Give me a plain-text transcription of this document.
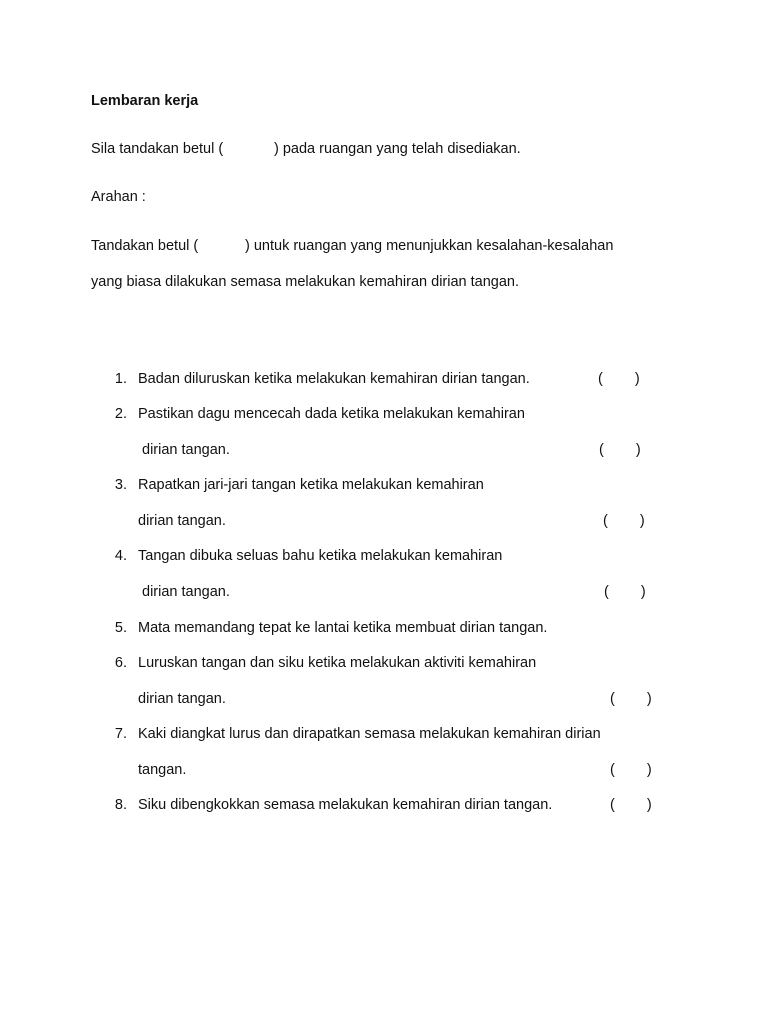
Lembaran kerja
Sila tandakan betul (	) pada ruangan yang telah disediakan.
Arahan :
Tandakan betul (	) untuk ruangan yang menunjukkan kesalahan-kesalahan
yang biasa dilakukan semasa melakukan kemahiran dirian tangan.
1. Badan diluruskan ketika melakukan kemahiran dirian tangan.	( )
2. Pastikan dagu mencecah dada ketika melakukan kemahiran
dirian tangan.	( )
3. Rapatkan jari-jari tangan ketika melakukan kemahiran
dirian tangan.	( )
4. Tangan dibuka seluas bahu ketika melakukan kemahiran
dirian tangan.	( )
5. Mata memandang tepat ke lantai ketika membuat dirian tangan.
6. Luruskan tangan dan siku ketika melakukan aktiviti kemahiran
dirian tangan.	( )
7. Kaki diangkat lurus dan dirapatkan semasa melakukan kemahiran dirian
tangan.	( )
8. Siku dibengkokkan semasa melakukan kemahiran dirian tangan.	( )
